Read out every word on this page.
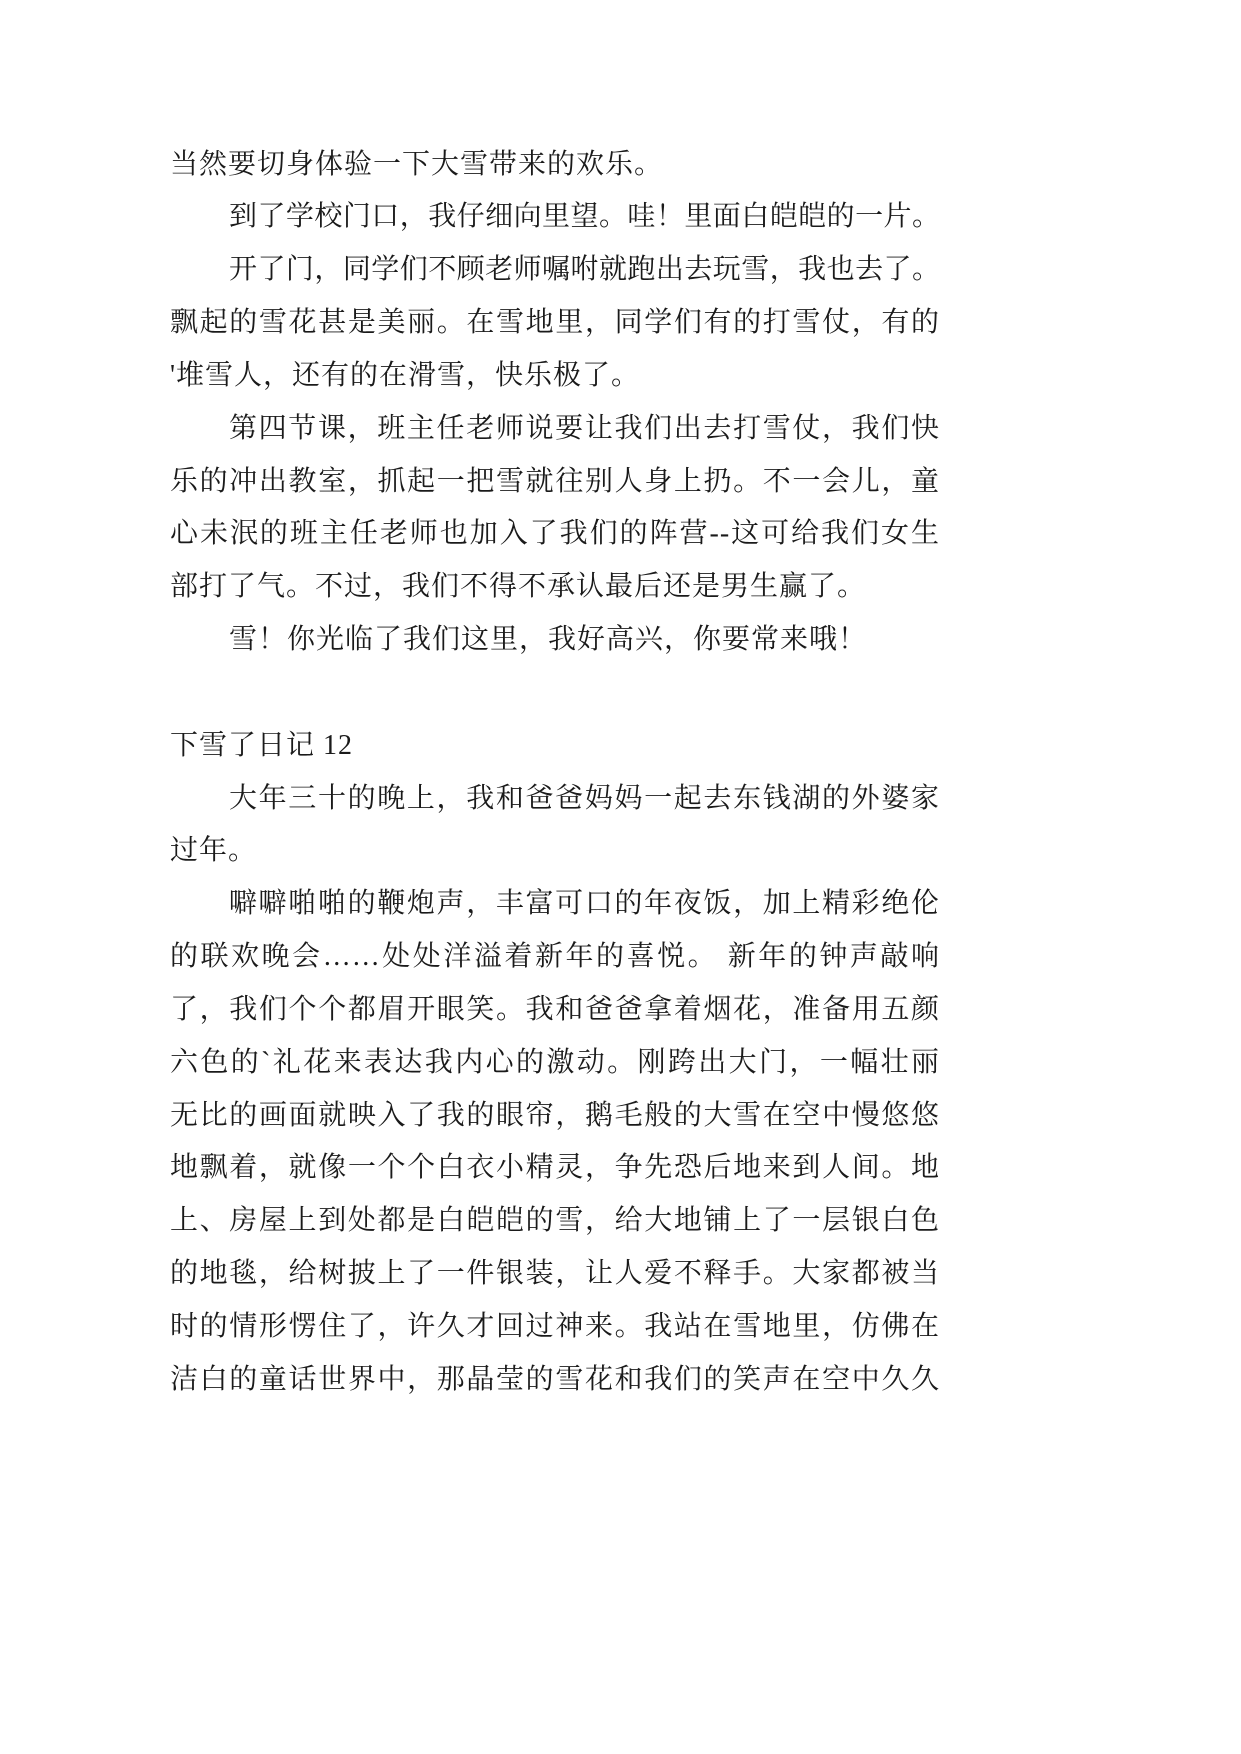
当然要切身体验一下大雪带来的欢乐。
到了学校门口，我仔细向里望。哇！里面白皑皑的一片。
开了门，同学们不顾老师嘱咐就跑出去玩雪，我也去了。
飘起的雪花甚是美丽。在雪地里，同学们有的打雪仗，有的
'堆雪人，还有的在滑雪，快乐极了。
第四节课，班主任老师说要让我们出去打雪仗，我们快
乐的冲出教室，抓起一把雪就往别人身上扔。不一会儿，童
心未泯的班主任老师也加入了我们的阵营--这可给我们女生
部打了气。不过，我们不得不承认最后还是男生赢了。
雪！你光临了我们这里，我好高兴，你要常来哦！
下雪了日记 12
大年三十的晚上，我和爸爸妈妈一起去东钱湖的外婆家
过年。
噼噼啪啪的鞭炮声，丰富可口的年夜饭，加上精彩绝伦
的联欢晚会……处处洋溢着新年的喜悦。 新年的钟声敲响
了，我们个个都眉开眼笑。我和爸爸拿着烟花，准备用五颜
六色的`礼花来表达我内心的激动。刚跨出大门，一幅壮丽
无比的画面就映入了我的眼帘，鹅毛般的大雪在空中慢悠悠
地飘着，就像一个个白衣小精灵，争先恐后地来到人间。地
上、房屋上到处都是白皑皑的雪，给大地铺上了一层银白色
的地毯，给树披上了一件银装，让人爱不释手。大家都被当
时的情形愣住了，许久才回过神来。我站在雪地里，仿佛在
洁白的童话世界中，那晶莹的雪花和我们的笑声在空中久久
